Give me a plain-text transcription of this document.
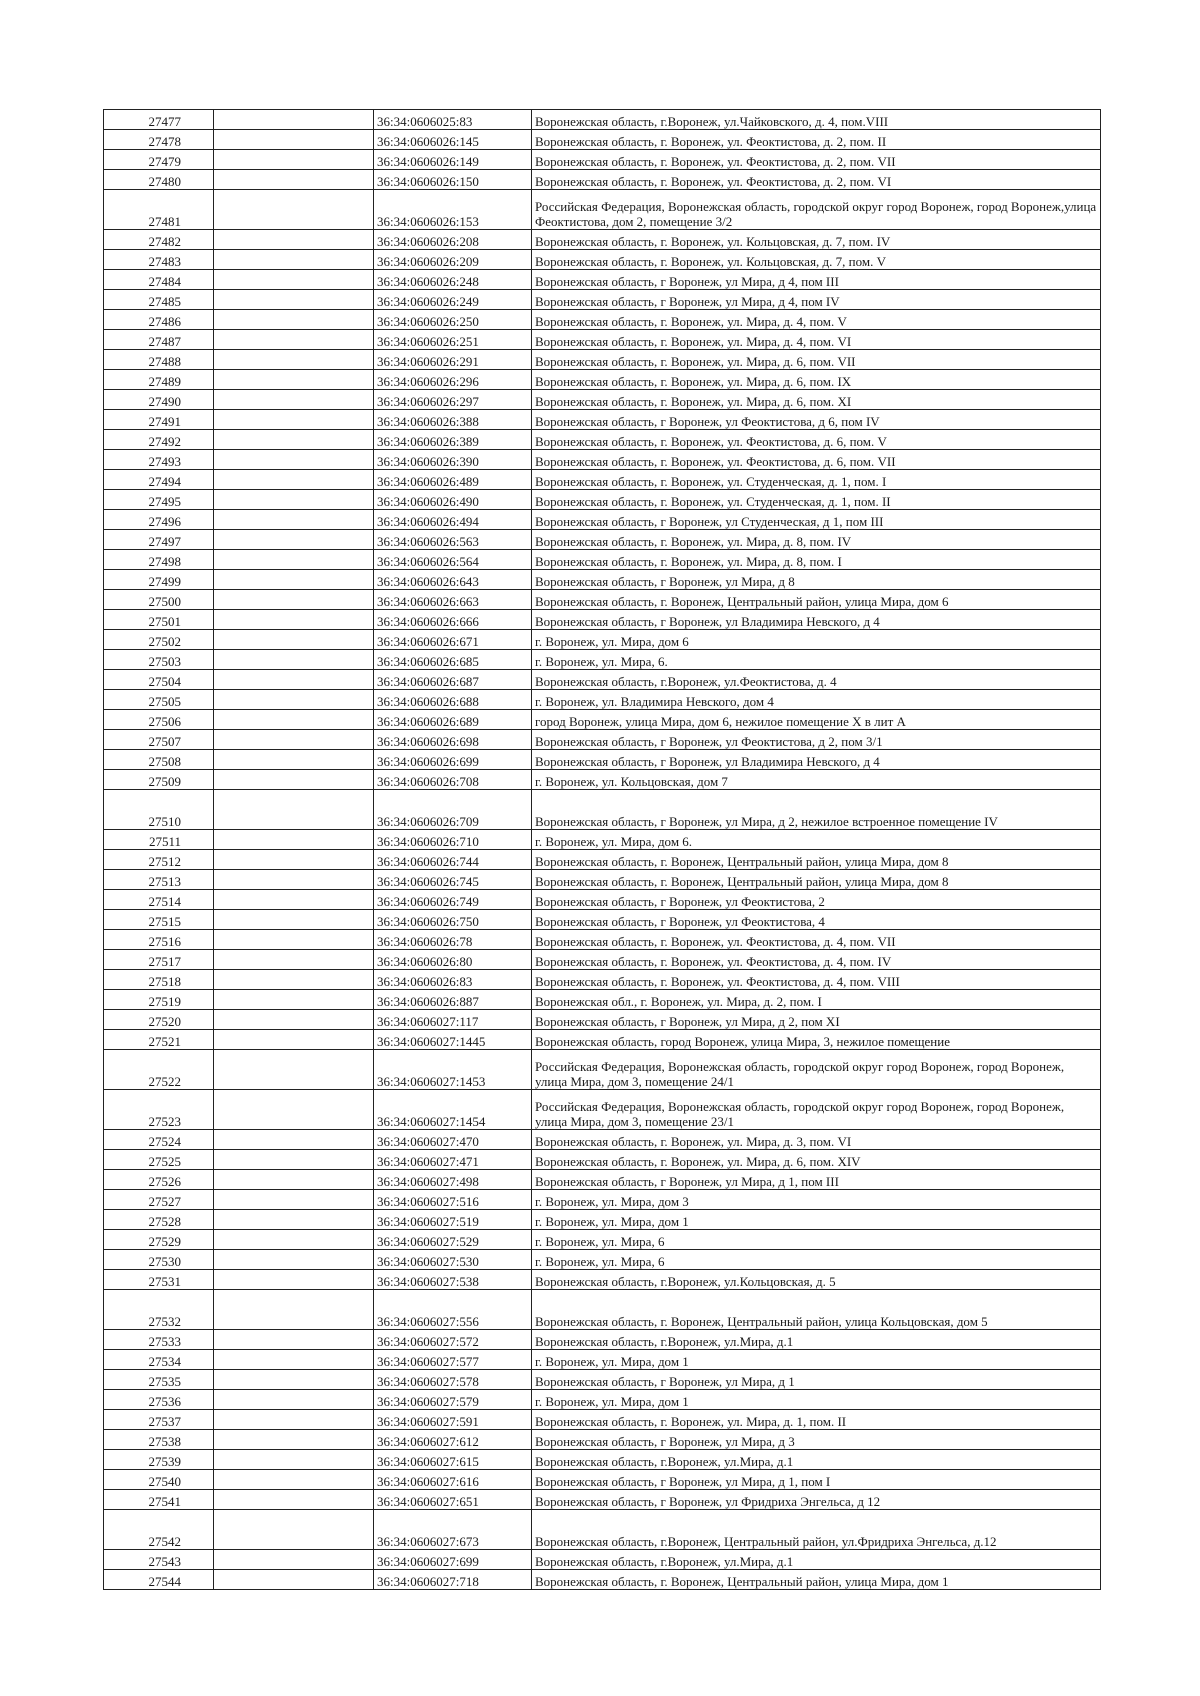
27477		36:34:0606025:83	Воронежская область, г.Воронеж, ул.Чайковского, д. 4, пом.VIII
27478		36:34:0606026:145	Воронежская область, г. Воронеж, ул. Феоктистова, д. 2, пом. II
27479		36:34:0606026:149	Воронежская область, г. Воронеж, ул. Феоктистова, д. 2, пом. VII
27480		36:34:0606026:150	Воронежская область, г. Воронеж, ул. Феоктистова, д. 2, пом. VI
27481		36:34:0606026:153	Российская Федерация, Воронежская область, городской округ город Воронеж, город Воронеж,улица Феоктистова, дом 2, помещение 3/2
27482		36:34:0606026:208	Воронежская область, г. Воронеж, ул. Кольцовская, д. 7, пом. IV
27483		36:34:0606026:209	Воронежская область, г. Воронеж, ул. Кольцовская, д. 7, пом. V
27484		36:34:0606026:248	Воронежская область, г Воронеж, ул Мира, д 4, пом III
27485		36:34:0606026:249	Воронежская область, г Воронеж, ул Мира, д 4, пом IV
27486		36:34:0606026:250	Воронежская область, г. Воронеж, ул. Мира, д. 4, пом. V
27487		36:34:0606026:251	Воронежская область, г. Воронеж, ул. Мира, д. 4, пом. VI
27488		36:34:0606026:291	Воронежская область, г. Воронеж, ул. Мира, д. 6, пом. VII
27489		36:34:0606026:296	Воронежская область, г. Воронеж, ул. Мира, д. 6, пом. IX
27490		36:34:0606026:297	Воронежская область, г. Воронеж, ул. Мира, д. 6, пом. XI
27491		36:34:0606026:388	Воронежская область, г Воронеж, ул Феоктистова, д 6, пом IV
27492		36:34:0606026:389	Воронежская область, г. Воронеж, ул. Феоктистова, д. 6, пом. V
27493		36:34:0606026:390	Воронежская область, г. Воронеж, ул. Феоктистова, д. 6, пом. VII
27494		36:34:0606026:489	Воронежская область, г. Воронеж, ул. Студенческая, д. 1, пом. I
27495		36:34:0606026:490	Воронежская область, г. Воронеж, ул. Студенческая, д. 1, пом. II
27496		36:34:0606026:494	Воронежская область, г Воронеж, ул Студенческая, д 1, пом III
27497		36:34:0606026:563	Воронежская область, г. Воронеж, ул. Мира, д. 8, пом. IV
27498		36:34:0606026:564	Воронежская область, г. Воронеж, ул. Мира, д. 8, пом. I
27499		36:34:0606026:643	Воронежская область, г Воронеж, ул Мира, д 8
27500		36:34:0606026:663	Воронежская область, г. Воронеж, Центральный район, улица Мира, дом 6
27501		36:34:0606026:666	Воронежская область, г Воронеж, ул Владимира Невского, д 4
27502		36:34:0606026:671	г. Воронеж, ул. Мира, дом 6
27503		36:34:0606026:685	г. Воронеж, ул. Мира, 6.
27504		36:34:0606026:687	Воронежская область, г.Воронеж, ул.Феоктистова, д. 4
27505		36:34:0606026:688	г. Воронеж, ул. Владимира Невского, дом 4
27506		36:34:0606026:689	город Воронеж, улица Мира, дом 6, нежилое помещение X в лит А
27507		36:34:0606026:698	Воронежская область, г Воронеж, ул Феоктистова, д 2, пом 3/1
27508		36:34:0606026:699	Воронежская область, г Воронеж, ул Владимира Невского, д 4
27509		36:34:0606026:708	г. Воронеж, ул. Кольцовская, дом 7
27510		36:34:0606026:709	Воронежская область, г Воронеж, ул Мира, д 2, нежилое встроенное помещение IV
27511		36:34:0606026:710	г. Воронеж, ул. Мира, дом 6.
27512		36:34:0606026:744	Воронежская область, г. Воронеж, Центральный район, улица Мира, дом 8
27513		36:34:0606026:745	Воронежская область, г. Воронеж, Центральный район, улица Мира, дом 8
27514		36:34:0606026:749	Воронежская область, г Воронеж, ул Феоктистова, 2
27515		36:34:0606026:750	Воронежская область, г Воронеж, ул Феоктистова, 4
27516		36:34:0606026:78	Воронежская область, г. Воронеж, ул. Феоктистова, д. 4, пом. VII
27517		36:34:0606026:80	Воронежская область, г. Воронеж, ул. Феоктистова, д. 4, пом. IV
27518		36:34:0606026:83	Воронежская область, г. Воронеж, ул. Феоктистова, д. 4, пом. VIII
27519		36:34:0606026:887	Воронежская обл., г. Воронеж, ул. Мира, д. 2, пом. I
27520		36:34:0606027:117	Воронежская область, г Воронеж, ул Мира, д 2, пом XI
27521		36:34:0606027:1445	Воронежская область, город Воронеж, улица Мира, 3, нежилое помещение
27522		36:34:0606027:1453	Российская Федерация, Воронежская область, городской округ город Воронеж, город Воронеж, улица Мира, дом 3, помещение 24/1
27523		36:34:0606027:1454	Российская Федерация, Воронежская область, городской округ город Воронеж, город Воронеж, улица Мира, дом 3, помещение 23/1
27524		36:34:0606027:470	Воронежская область, г. Воронеж, ул. Мира, д. 3, пом. VI
27525		36:34:0606027:471	Воронежская область, г. Воронеж, ул. Мира, д. 6, пом. XIV
27526		36:34:0606027:498	Воронежская область, г Воронеж, ул Мира, д 1, пом III
27527		36:34:0606027:516	г. Воронеж, ул. Мира, дом 3
27528		36:34:0606027:519	г. Воронеж, ул. Мира, дом 1
27529		36:34:0606027:529	г. Воронеж, ул. Мира, 6
27530		36:34:0606027:530	г. Воронеж, ул. Мира, 6
27531		36:34:0606027:538	Воронежская область, г.Воронеж, ул.Кольцовская, д. 5
27532		36:34:0606027:556	Воронежская область, г. Воронеж, Центральный район, улица Кольцовская, дом 5
27533		36:34:0606027:572	Воронежская область, г.Воронеж, ул.Мира, д.1
27534		36:34:0606027:577	г. Воронеж, ул. Мира, дом 1
27535		36:34:0606027:578	Воронежская область, г Воронеж, ул Мира, д 1
27536		36:34:0606027:579	г. Воронеж, ул. Мира, дом 1
27537		36:34:0606027:591	Воронежская область, г. Воронеж, ул. Мира, д. 1, пом. II
27538		36:34:0606027:612	Воронежская область, г Воронеж, ул Мира, д 3
27539		36:34:0606027:615	Воронежская область, г.Воронеж, ул.Мира, д.1
27540		36:34:0606027:616	Воронежская область, г Воронеж, ул Мира, д 1, пом I
27541		36:34:0606027:651	Воронежская область, г Воронеж, ул Фридриха Энгельса, д 12
27542		36:34:0606027:673	Воронежская область, г.Воронеж, Центральный район, ул.Фридриха Энгельса, д.12
27543		36:34:0606027:699	Воронежская область, г.Воронеж, ул.Мира, д.1
27544		36:34:0606027:718	Воронежская область, г. Воронеж, Центральный район, улица Мира, дом 1
